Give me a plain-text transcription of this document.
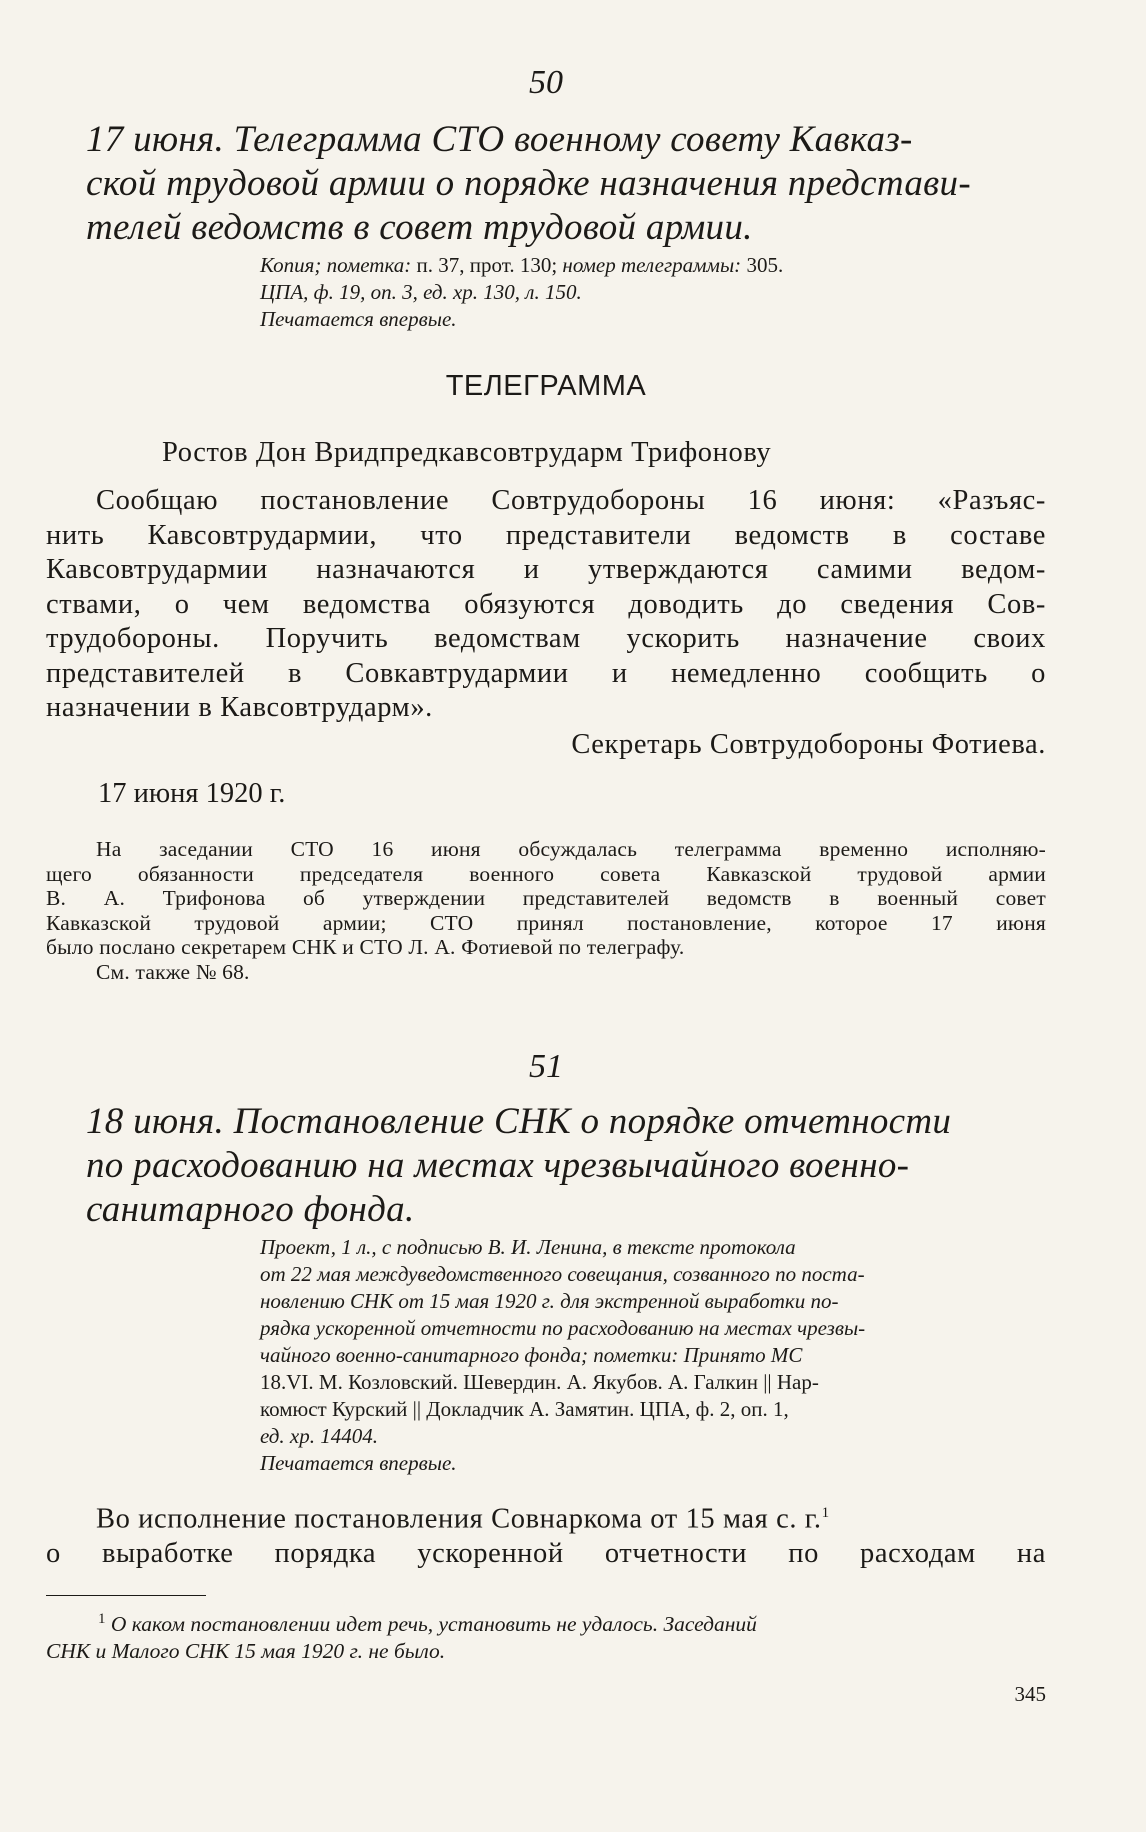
50
17 июня. Телеграмма СТО военному совету Кавказ-
ской трудовой армии о порядке назначения представи-
телей ведомств в совет трудовой армии.
Копия; пометка: п. 37, прот. 130; номер телеграммы: 305.
ЦПА, ф. 19, оп. 3, ед. хр. 130, л. 150.
Печатается впервые.
ТЕЛЕГРАММА
Ростов Дон Вридпредкавсовтрударм Трифонову
Сообщаю постановление Совтрудобороны 16 июня: «Разъяс-
нить Кавсовтрудармии, что представители ведомств в составе
Кавсовтрудармии назначаются и утверждаются самими ведом-
ствами, о чем ведомства обязуются доводить до сведения Сов-
трудобороны. Поручить ведомствам ускорить назначение своих
представителей в Совкавтрудармии и немедленно сообщить о
назначении в Кавсовтрударм».
Секретарь Совтрудобороны Фотиева.
17 июня 1920 г.
На заседании СТО 16 июня обсуждалась телеграмма временно исполняю-
щего обязанности председателя военного совета Кавказской трудовой армии
В. А. Трифонова об утверждении представителей ведомств в военный совет
Кавказской трудовой армии; СТО принял постановление, которое 17 июня
было послано секретарем СНК и СТО Л. А. Фотиевой по телеграфу.
См. также № 68.
51
18 июня. Постановление СНК о порядке отчетности
по расходованию на местах чрезвычайного военно-
санитарного фонда.
Проект, 1 л., с подписью В. И. Ленина, в тексте протокола
от 22 мая междуведомственного совещания, созванного по поста-
новлению СНК от 15 мая 1920 г. для экстренной выработки по-
рядка ускоренной отчетности по расходованию на местах чрезвы-
чайного военно-санитарного фонда; пометки: Принято МС
18.VI. М. Козловский. Шевердин. А. Якубов. А. Галкин || Нар-
комюст Курский || Докладчик А. Замятин. ЦПА, ф. 2, оп. 1,
ед. хр. 14404.
Печатается впервые.
Во исполнение постановления Совнаркома от 15 мая с. г.$^1$
о выработке порядка ускоренной отчетности по расходам на
$^1$ О каком постановлении идет речь, установить не удалось. Заседаний
СНК и Малого СНК 15 мая 1920 г. не было.
345
